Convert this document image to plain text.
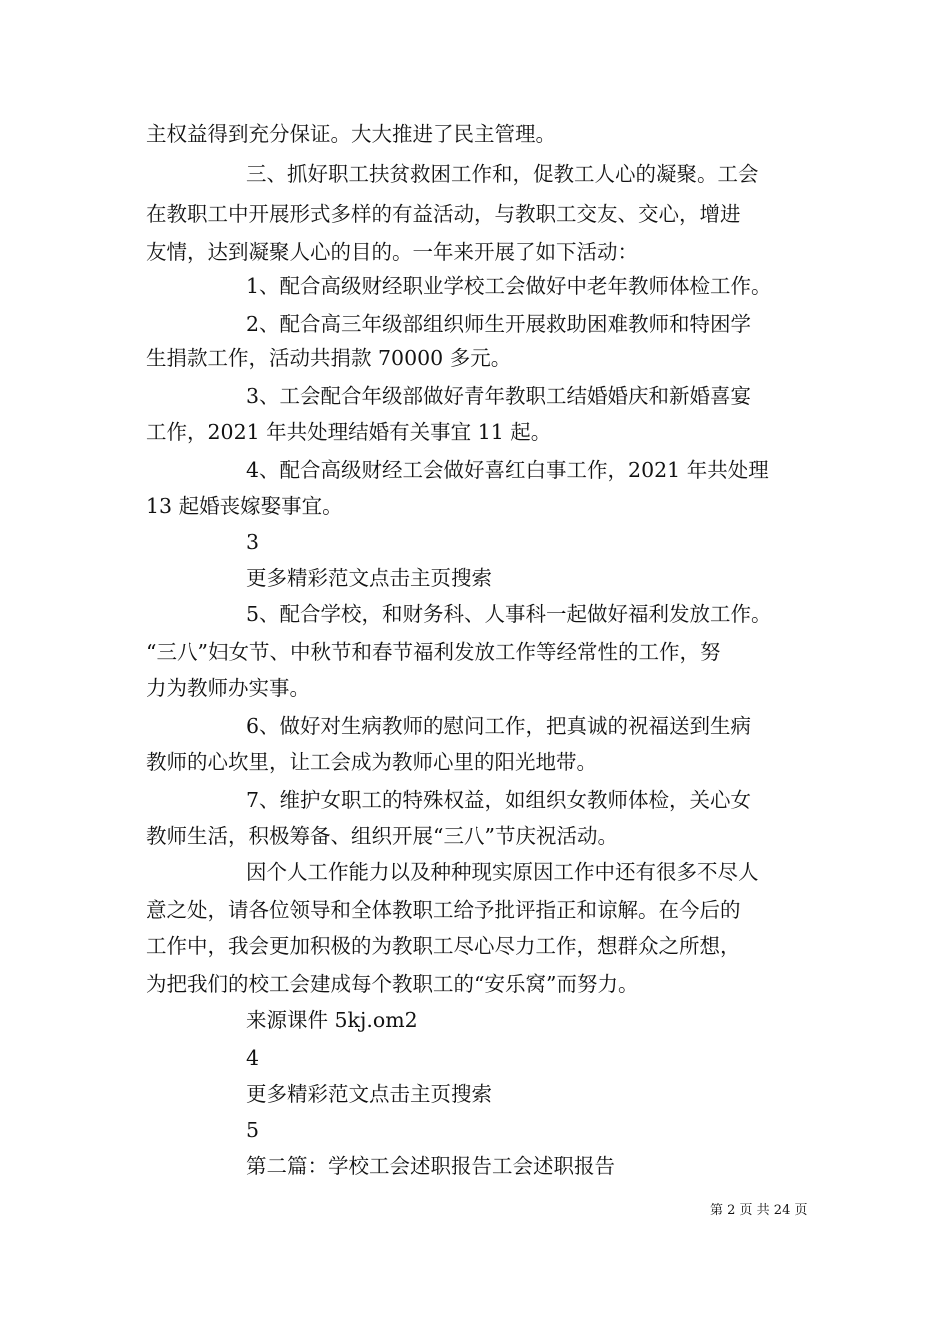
主权益得到充分保证。大大推进了民主管理。
三、抓好职工扶贫救困工作和，促教工人心的凝聚。工会
在教职工中开展形式多样的有益活动，与教职工交友、交心，增进
友情，达到凝聚人心的目的。一年来开展了如下活动：
1、配合高级财经职业学校工会做好中老年教师体检工作。
2、配合高三年级部组织师生开展救助困难教师和特困学
生捐款工作，活动共捐款 70000 多元。
3、工会配合年级部做好青年教职工结婚婚庆和新婚喜宴
工作，2021 年共处理结婚有关事宜 11 起。
4、配合高级财经工会做好喜红白事工作，2021 年共处理
13 起婚丧嫁娶事宜。
3
更多精彩范文点击主页搜索
5、配合学校，和财务科、人事科一起做好福利发放工作。
“三八”妇女节、中秋节和春节福利发放工作等经常性的工作，努
力为教师办实事。
6、做好对生病教师的慰问工作，把真诚的祝福送到生病
教师的心坎里，让工会成为教师心里的阳光地带。
7、维护女职工的特殊权益，如组织女教师体检，关心女
教师生活，积极筹备、组织开展“三八”节庆祝活动。
因个人工作能力以及种种现实原因工作中还有很多不尽人
意之处，请各位领导和全体教职工给予批评指正和谅解。在今后的
工作中，我会更加积极的为教职工尽心尽力工作，想群众之所想，
为把我们的校工会建成每个教职工的“安乐窝”而努力。
来源课件 5kj.om2
4
更多精彩范文点击主页搜索
5
第二篇：学校工会述职报告工会述职报告
第 2 页 共 24 页
